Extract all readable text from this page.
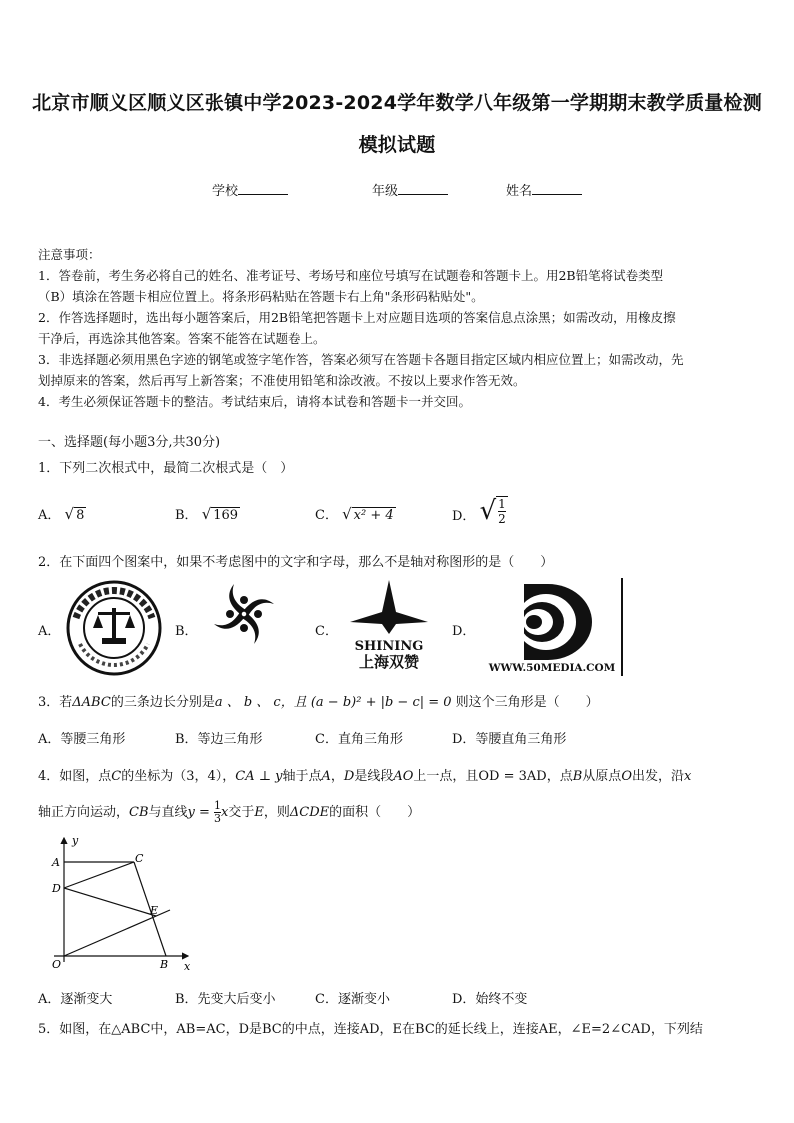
北京市顺义区顺义区张镇中学2023-2024学年数学八年级第一学期期末教学质量检测
模拟试题
学校	年级	姓名

注意事项：

1．答卷前，考生务必将自己的姓名、准考证号、考场号和座位号填写在试题卷和答题卡上。用2B铅笔将试卷类型

（B）填涂在答题卡相应位置上。将条形码粘贴在答题卡右上角"条形码粘贴处"。

2．作答选择题时，选出每小题答案后，用2B铅笔把答题卡上对应题目选项的答案信息点涂黑；如需改动，用橡皮擦

干净后，再选涂其他答案。答案不能答在试题卷上。

3．非选择题必须用黑色字迹的钢笔或签字笔作答，答案必须写在答题卡各题目指定区域内相应位置上；如需改动，先

划掉原来的答案，然后再写上新答案；不准使用铅笔和涂改液。不按以上要求作答无效。

4．考生必须保证答题卡的整洁。考试结束后，请将本试卷和答题卡一并交回。

一、选择题(每小题3分,共30分)
1．下列二次根式中，最简二次根式是（　）
A． √ 8	B． √ 169	C． √ x² + 4	D． √ $\frac{1}{2}$
2．在下面四个图案中，如果不考虑图中的文字和字母，那么不是轴对称图形的是（　　）
A．	B．	C．	D．
SHINING
上海双赞	WWW.50MEDIA.COM
3．若ΔABC的三条边长分别是a 、 b 、 c，且 (a − b)² + |b − c| = 0 则这个三角形是（　　）
A．等腰三角形	B．等边三角形	C．直角三角形	D．等腰直角三角形
4．如图，点C的坐标为（3，4），CA ⊥ y轴于点A，D是线段AO上一点，且OD = 3AD，点B从原点O出发，沿x
轴正方向运动，CB与直线$y = \frac{1}{3}$ x交于E，则ΔCDE的面积（　　）
y
x
A	C
D
E
O	B
A．逐渐变大	B．先变大后变小	C．逐渐变小	D．始终不变
5．如图，在△ABC中，AB=AC，D是BC的中点，连接AD，E在BC的延长线上，连接AE，∠E=2∠CAD，下列结
